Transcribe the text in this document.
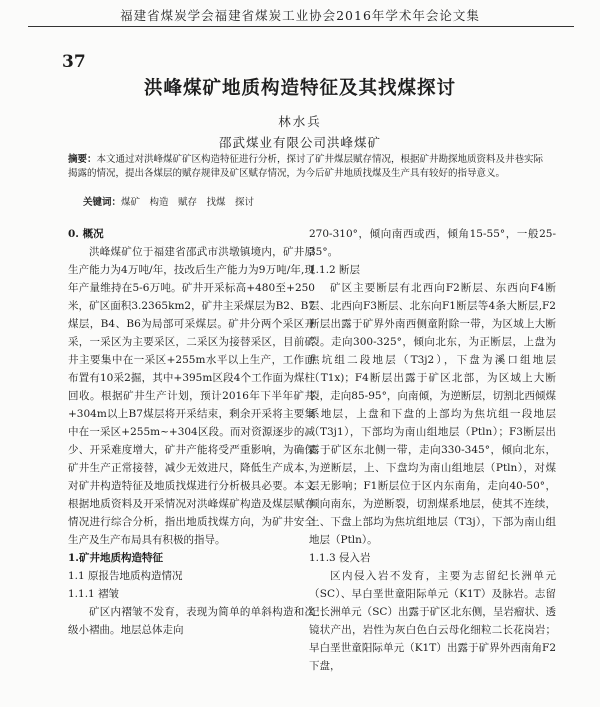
福建省煤炭学会福建省煤炭工业协会2016年学术年会论文集
37
洪峰煤矿地质构造特征及其找煤探讨
林水兵
邵武煤业有限公司洪峰煤矿
摘要：本文通过对洪峰煤矿矿区构造特征进行分析，探讨了矿井煤层赋存情况，根据矿井勘探地质资料及井巷实际揭露的情况，提出各煤层的赋存规律及矿区赋存情况，为今后矿井地质找煤及生产具有较好的指导意义。
关键词：煤矿　构造　赋存　找煤　探讨

0. 概况

洪峰煤矿位于福建省邵武市洪墩镇境内，矿井原生产能力为4万吨/年，技改后生产能力为9万吨/年,现年产量维持在5-6万吨。矿井开采标高+480至+250米，矿区面积3.2365km2，矿井主采煤层为B2、B7煤层，B4、B6为局部可采煤层。矿井分两个采区开采，一采区为主要采区，二采区为接替采区，目前矿井主要集中在一采区+255m水平以上生产，工作面布置有10采2掘，其中+395m区段4个工作面为煤柱回收。根据矿井生产计划，预计2016年下半年矿井+304m以上B7煤层将开采结束，剩余开采将主要集中在一采区+255m~+304区段。而对资源逐步的减少、开采难度增大，矿井产能将受严重影响，为确保矿井生产正常接替，减少无效进尺，降低生产成本，对矿井构造特征及地质找煤进行分析极具必要。本文根据地质资料及开采情况对洪峰煤矿构造及煤层赋存情况进行综合分析，指出地质找煤方向，为矿井安全生产及生产布局具有积极的指导。

1.矿井地质构造特征

1.1 原报告地质构造情况

1.1.1 褶皱

矿区内褶皱不发育，表现为简单的单斜构造和次级小褶曲。地层总体走向

270-310°，倾向南西或西，倾角15-55°，一般25-35°。

1.1.2 断层

矿区主要断层有北西向F2断层、东西向F4断层、北西向F3断层、北东向F1断层等4条大断层,F2断层出露于矿界外南西侧童附除一带，为区域上大断裂。走向300-325°，倾向北东，为正断层，上盘为焦坑组二段地层（T3j2），下盘为溪口组地层（T1x)；F4断层出露于矿区北部，为区域上大断裂，走向85-95°，向南倾，为逆断层，切割北西倾煤系地层，上盘和下盘的上部均为焦坑组一段地层（T3j1），下部均为南山组地层（Ptln）；F3断层出露于矿区东北侧一带，走向330-345°，倾向北东，为逆断层，上、下盘均为南山组地层（Ptln），对煤层无影响；F1断层位于区内东南角，走向40-50°，倾向南东，为逆断裂，切割煤系地层，使其不连续，上、下盘上部均为焦坑组地层（T3j），下部为南山组地层（Ptln）。

1.1.3 侵入岩

区内侵入岩不发育，主要为志留纪长洲单元（SC）、早白垩世童阳际单元（K1T）及脉岩。志留纪长洲单元（SC）出露于矿区北东侧，呈岩瘤状、透镜状产出，岩性为灰白色白云母化细粒二长花岗岩；早白垩世童阳际单元（K1T）出露于矿界外西南角F2下盘，
